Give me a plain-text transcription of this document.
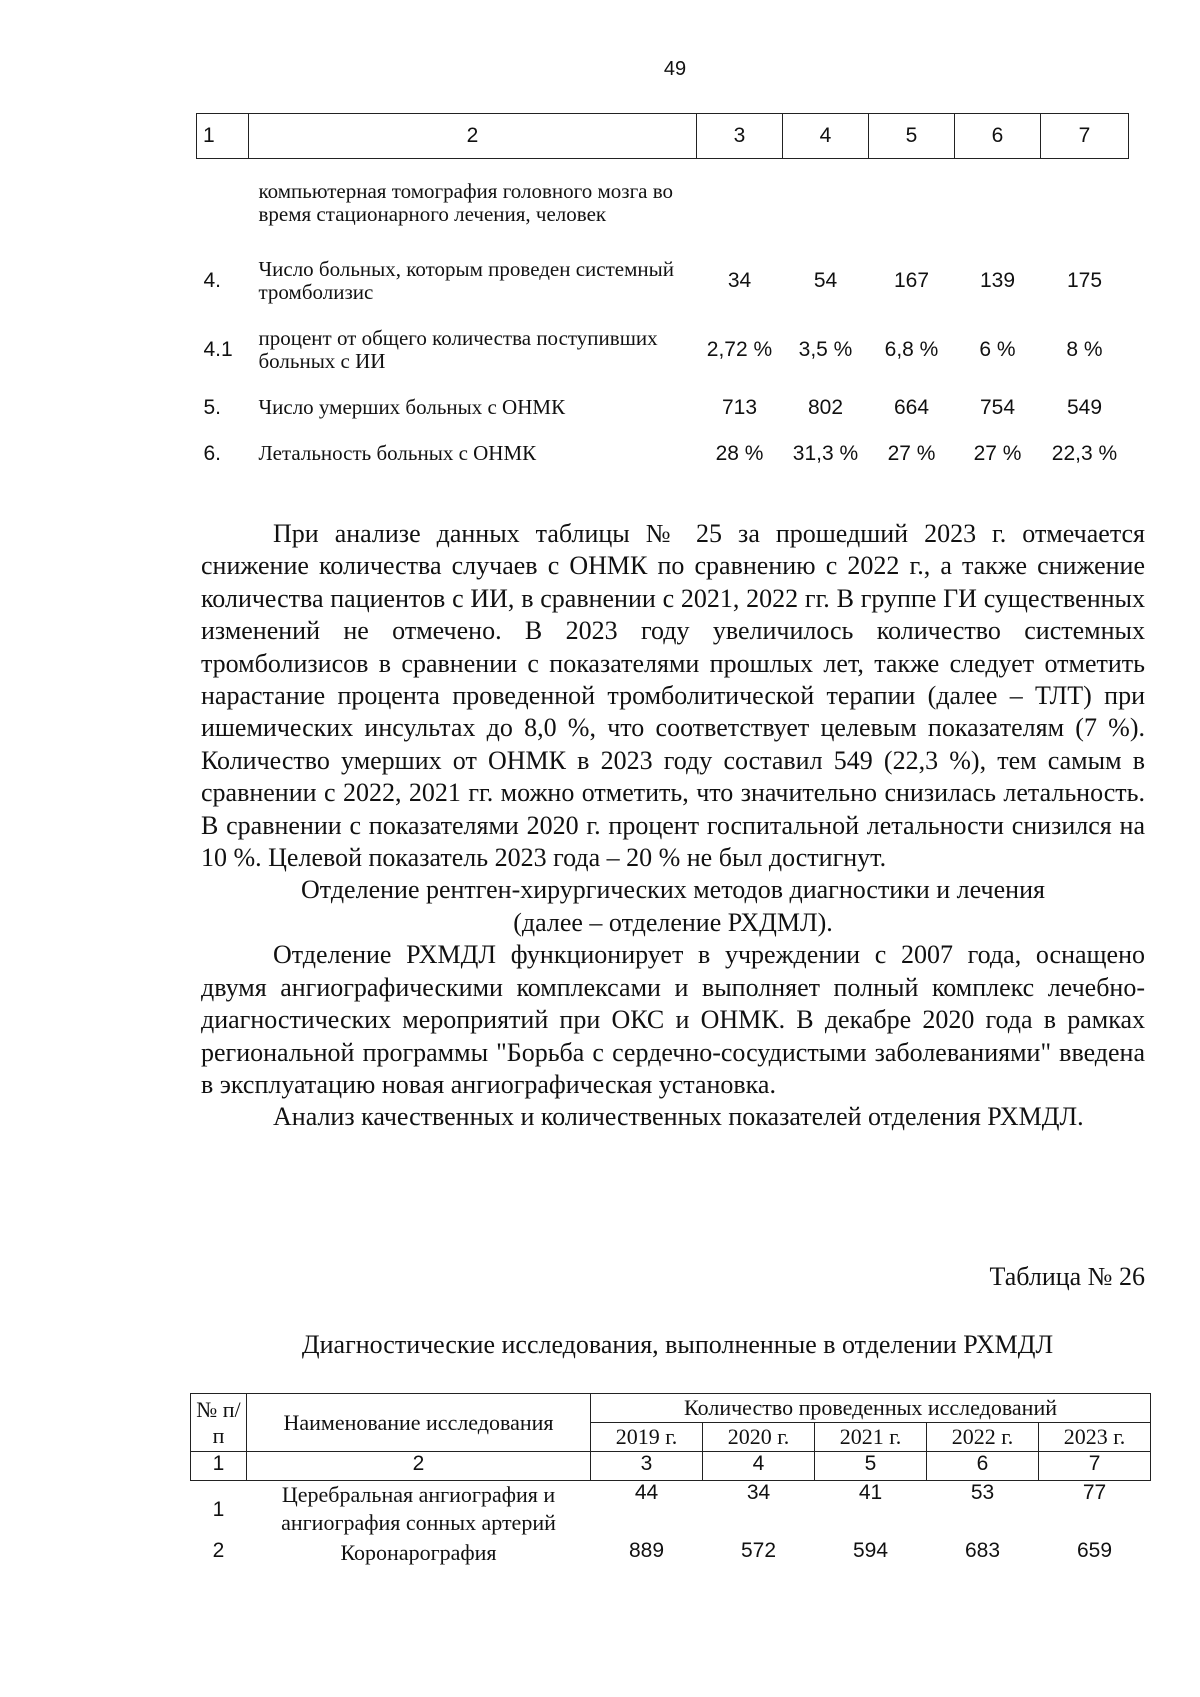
49
1	2	3	4	5	6	7
	компьютерная томография головного мозга во время стационарного лечения, человек					
4.	Число больных, которым проведен системный тромболизис	34	54	167	139	175
4.1	процент от общего количества поступивших больных с ИИ	2,72 %	3,5 %	6,8 %	6 %	8 %
5.	Число умерших больных с ОНМК	713	802	664	754	549
6.	Летальность больных с ОНМК	28 %	31,3 %	27 %	27 %	22,3 %

При анализе данных таблицы № 25 за прошедший 2023 г. отмечается снижение количества случаев с ОНМК по сравнению с 2022 г., а также снижение количества пациентов с ИИ, в сравнении с 2021, 2022 гг. В группе ГИ существенных изменений не отмечено. В 2023 году увеличилось количество системных тромболизисов в сравнении с показателями прошлых лет, также следует отметить нарастание процента проведенной тромболитической терапии (далее – ТЛТ) при ишемических инсультах до 8,0 %, что соответствует целевым показателям (7 %). Количество умерших от ОНМК в 2023 году составил 549 (22,3 %), тем самым в сравнении с 2022, 2021 гг. можно отметить, что значительно снизилась летальность. В сравнении с показателями 2020 г. процент госпитальной летальности снизился на 10 %. Целевой показатель 2023 года – 20 % не был достигнут.

Отделение рентген-хирургических методов диагностики и лечения

(далее – отделение РХДМЛ).

Отделение РХМДЛ функционирует в учреждении с 2007 года, оснащено двумя ангиографическими комплексами и выполняет полный комплекс лечебно-диагностических мероприятий при ОКС и ОНМК. В декабре 2020 года в рамках региональной программы "Борьба с сердечно-сосудистыми заболеваниями" введена в эксплуатацию новая ангиографическая установка.

Анализ качественных и количественных показателей отделения РХМДЛ.

Таблица № 26
Диагностические исследования, выполненные в отделении РХМДЛ
№ п/п	Наименование исследования	Количество проведенных исследований				
		2019 г.	2020 г.	2021 г.	2022 г.	2023 г.
1	2	3	4	5	6	7
1	Церебральная ангиография и ангиография сонных артерий	44	34	41	53	77
2	Коронарография	889	572	594	683	659
